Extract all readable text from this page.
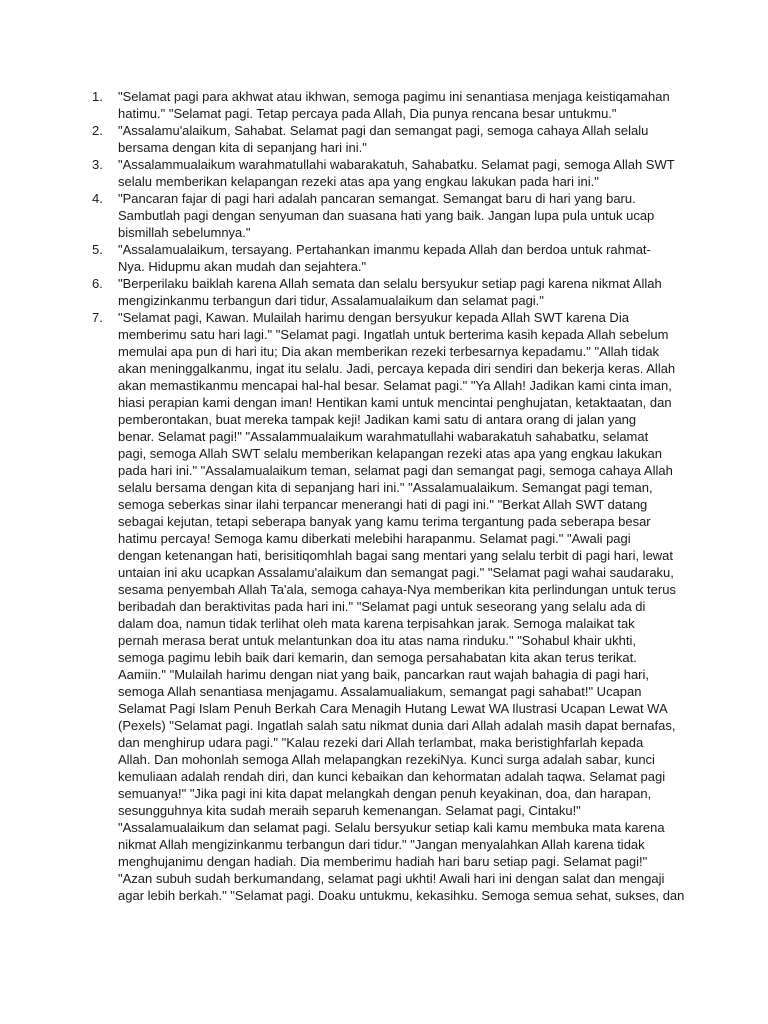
1.	"Selamat pagi para akhwat atau ikhwan, semoga pagimu ini senantiasa menjaga keistiqamahan
hatimu." "Selamat pagi. Tetap percaya pada Allah, Dia punya rencana besar untukmu."
2.	"Assalamu'alaikum, Sahabat. Selamat pagi dan semangat pagi, semoga cahaya Allah selalu
bersama dengan kita di sepanjang hari ini."
3.	"Assalammualaikum warahmatullahi wabarakatuh, Sahabatku. Selamat pagi, semoga Allah SWT
selalu memberikan kelapangan rezeki atas apa yang engkau lakukan pada hari ini."
4.	"Pancaran fajar di pagi hari adalah pancaran semangat. Semangat baru di hari yang baru.
Sambutlah pagi dengan senyuman dan suasana hati yang baik. Jangan lupa pula untuk ucap
bismillah sebelumnya."
5.	"Assalamualaikum, tersayang. Pertahankan imanmu kepada Allah dan berdoa untuk rahmat-
Nya. Hidupmu akan mudah dan sejahtera."
6.	"Berperilaku baiklah karena Allah semata dan selalu bersyukur setiap pagi karena nikmat Allah
mengizinkanmu terbangun dari tidur, Assalamualaikum dan selamat pagi."
7.	"Selamat pagi, Kawan. Mulailah harimu dengan bersyukur kepada Allah SWT karena Dia
memberimu satu hari lagi." "Selamat pagi. Ingatlah untuk berterima kasih kepada Allah sebelum
memulai apa pun di hari itu; Dia akan memberikan rezeki terbesarnya kepadamu." "Allah tidak
akan meninggalkanmu, ingat itu selalu. Jadi, percaya kepada diri sendiri dan bekerja keras. Allah
akan memastikanmu mencapai hal-hal besar. Selamat pagi." "Ya Allah! Jadikan kami cinta iman,
hiasi perapian kami dengan iman! Hentikan kami untuk mencintai penghujatan, ketaktaatan, dan
pemberontakan, buat mereka tampak keji! Jadikan kami satu di antara orang di jalan yang
benar. Selamat pagi!" "Assalammualaikum warahmatullahi wabarakatuh sahabatku, selamat
pagi, semoga Allah SWT selalu memberikan kelapangan rezeki atas apa yang engkau lakukan
pada hari ini." "Assalamualaikum teman, selamat pagi dan semangat pagi, semoga cahaya Allah
selalu bersama dengan kita di sepanjang hari ini." "Assalamualaikum. Semangat pagi teman,
semoga seberkas sinar ilahi terpancar menerangi hati di pagi ini." "Berkat Allah SWT datang
sebagai kejutan, tetapi seberapa banyak yang kamu terima tergantung pada seberapa besar
hatimu percaya! Semoga kamu diberkati melebihi harapanmu. Selamat pagi." "Awali pagi
dengan ketenangan hati, berisitiqomhlah bagai sang mentari yang selalu terbit di pagi hari, lewat
untaian ini aku ucapkan Assalamu'alaikum dan semangat pagi." "Selamat pagi wahai saudaraku,
sesama penyembah Allah Ta'ala, semoga cahaya-Nya memberikan kita perlindungan untuk terus
beribadah dan beraktivitas pada hari ini." "Selamat pagi untuk seseorang yang selalu ada di
dalam doa, namun tidak terlihat oleh mata karena terpisahkan jarak. Semoga malaikat tak
pernah merasa berat untuk melantunkan doa itu atas nama rinduku." "Sohabul khair ukhti,
semoga pagimu lebih baik dari kemarin, dan semoga persahabatan kita akan terus terikat.
Aamiin." "Mulailah harimu dengan niat yang baik, pancarkan raut wajah bahagia di pagi hari,
semoga Allah senantiasa menjagamu. Assalamualiakum, semangat pagi sahabat!" Ucapan
Selamat Pagi Islam Penuh Berkah Cara Menagih Hutang Lewat WA Ilustrasi Ucapan Lewat WA
(Pexels) "Selamat pagi. Ingatlah salah satu nikmat dunia dari Allah adalah masih dapat bernafas,
dan menghirup udara pagi." "Kalau rezeki dari Allah terlambat, maka beristighfarlah kepada
Allah. Dan mohonlah semoga Allah melapangkan rezekiNya. Kunci surga adalah sabar, kunci
kemuliaan adalah rendah diri, dan kunci kebaikan dan kehormatan adalah taqwa. Selamat pagi
semuanya!" "Jika pagi ini kita dapat melangkah dengan penuh keyakinan, doa, dan harapan,
sesungguhnya kita sudah meraih separuh kemenangan. Selamat pagi, Cintaku!"
"Assalamualaikum dan selamat pagi. Selalu bersyukur setiap kali kamu membuka mata karena
nikmat Allah mengizinkanmu terbangun dari tidur." "Jangan menyalahkan Allah karena tidak
menghujanimu dengan hadiah. Dia memberimu hadiah hari baru setiap pagi. Selamat pagi!"
"Azan subuh sudah berkumandang, selamat pagi ukhti! Awali hari ini dengan salat dan mengaji
agar lebih berkah." "Selamat pagi. Doaku untukmu, kekasihku. Semoga semua sehat, sukses, dan
